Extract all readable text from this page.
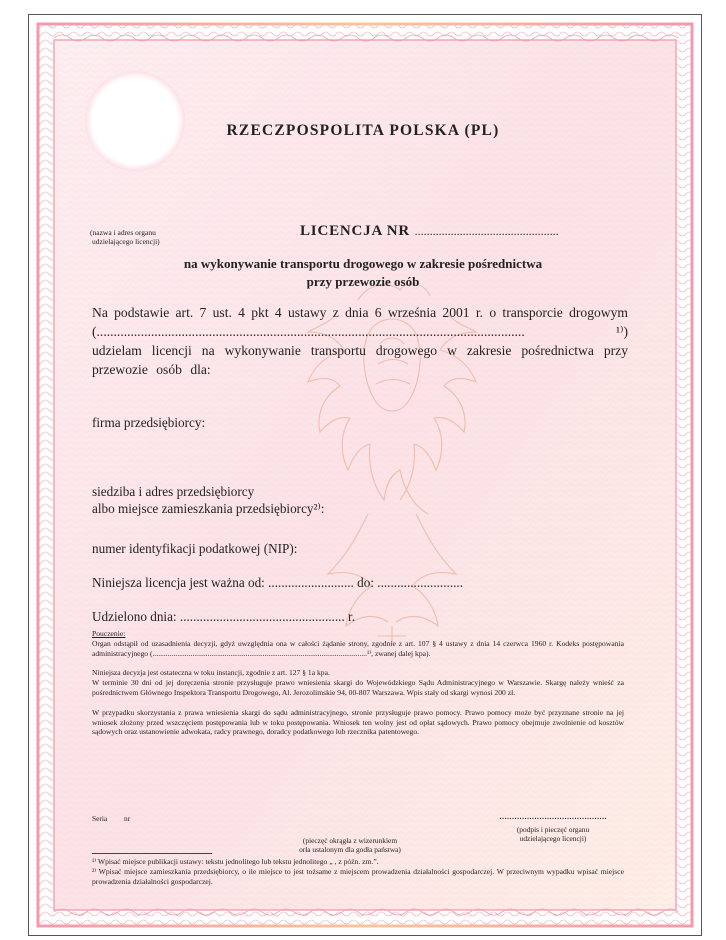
RZECZPOSPOLITA POLSKA (PL)
(nazwa i adres organu
udzielającego licencji)
LICENCJA NR ................................................
na wykonywanie transportu drogowego w zakresie pośrednictwa
przy przewozie osób
Na podstawie art. 7 ust. 4 pkt 4 ustawy z dnia 6 września 2001 r. o transporcie drogowym
(.............................................................................................................................. ¹⁾)
udzielam licencji na wykonywanie transportu drogowego w zakresie pośrednictwa przy przewozie osób dla:
firma przedsiębiorcy:
siedziba i adres przedsiębiorcy
albo miejsce zamieszkania przedsiębiorcy²⁾:
numer identyfikacji podatkowej (NIP):
Niniejsza licencja jest ważna od: .......................... do: ..........................
Udzielono dnia: .................................................. r.
Pouczenie:
Organ odstąpił od uzasadnienia decyzji, gdyż uwzględnia ona w całości żądanie strony, zgodnie z art. 107 § 4 ustawy z dnia 14 czerwca 1960 r. Kodeks postępowania administracyjnego (.................................................................................................................¹⁾, zwanej dalej kpa).
Niniejsza decyzja jest ostateczna w toku instancji, zgodnie z art. 127 § 1a kpa.
W terminie 30 dni od jej doręczenia stronie przysługuje prawo wniesienia skargi do Wojewódzkiego Sądu Administracyjnego w Warszawie. Skargę należy wnieść za pośrednictwem Głównego Inspektora Transportu Drogowego, Al. Jerozolimskie 94, 00-807 Warszawa. Wpis stały od skargi wynosi 200 zł.
W przypadku skorzystania z prawa wniesienia skargi do sądu administracyjnego, stronie przysługuje prawo pomocy. Prawo pomocy może być przyznane stronie na jej wniosek złożony przed wszczęciem postępowania lub w toku postępowania. Wniosek ten wolny jest od opłat sądowych. Prawo pomocy obejmuje zwolnienie od kosztów sądowych oraz ustanowienie adwokata, radcy prawnego, doradcy podatkowego lub rzecznika patentowego.
Seria nr
(pieczęć okrągła z wizerunkiem
orła ustalonym dla godła państwa)
...........................................
(podpis i pieczęć organu
udzielającego licencji)
¹⁾ Wpisać miejsce publikacji ustawy: tekstu jednolitego lub tekstu jednolitego „ , z późn. zm.”.
²⁾ Wpisać miejsce zamieszkania przedsiębiorcy, o ile miejsce to jest tożsame z miejscem prowadzenia działalności gospodarczej. W przeciwnym wypadku wpisać miejsce prowadzenia działalności gospodarczej.
